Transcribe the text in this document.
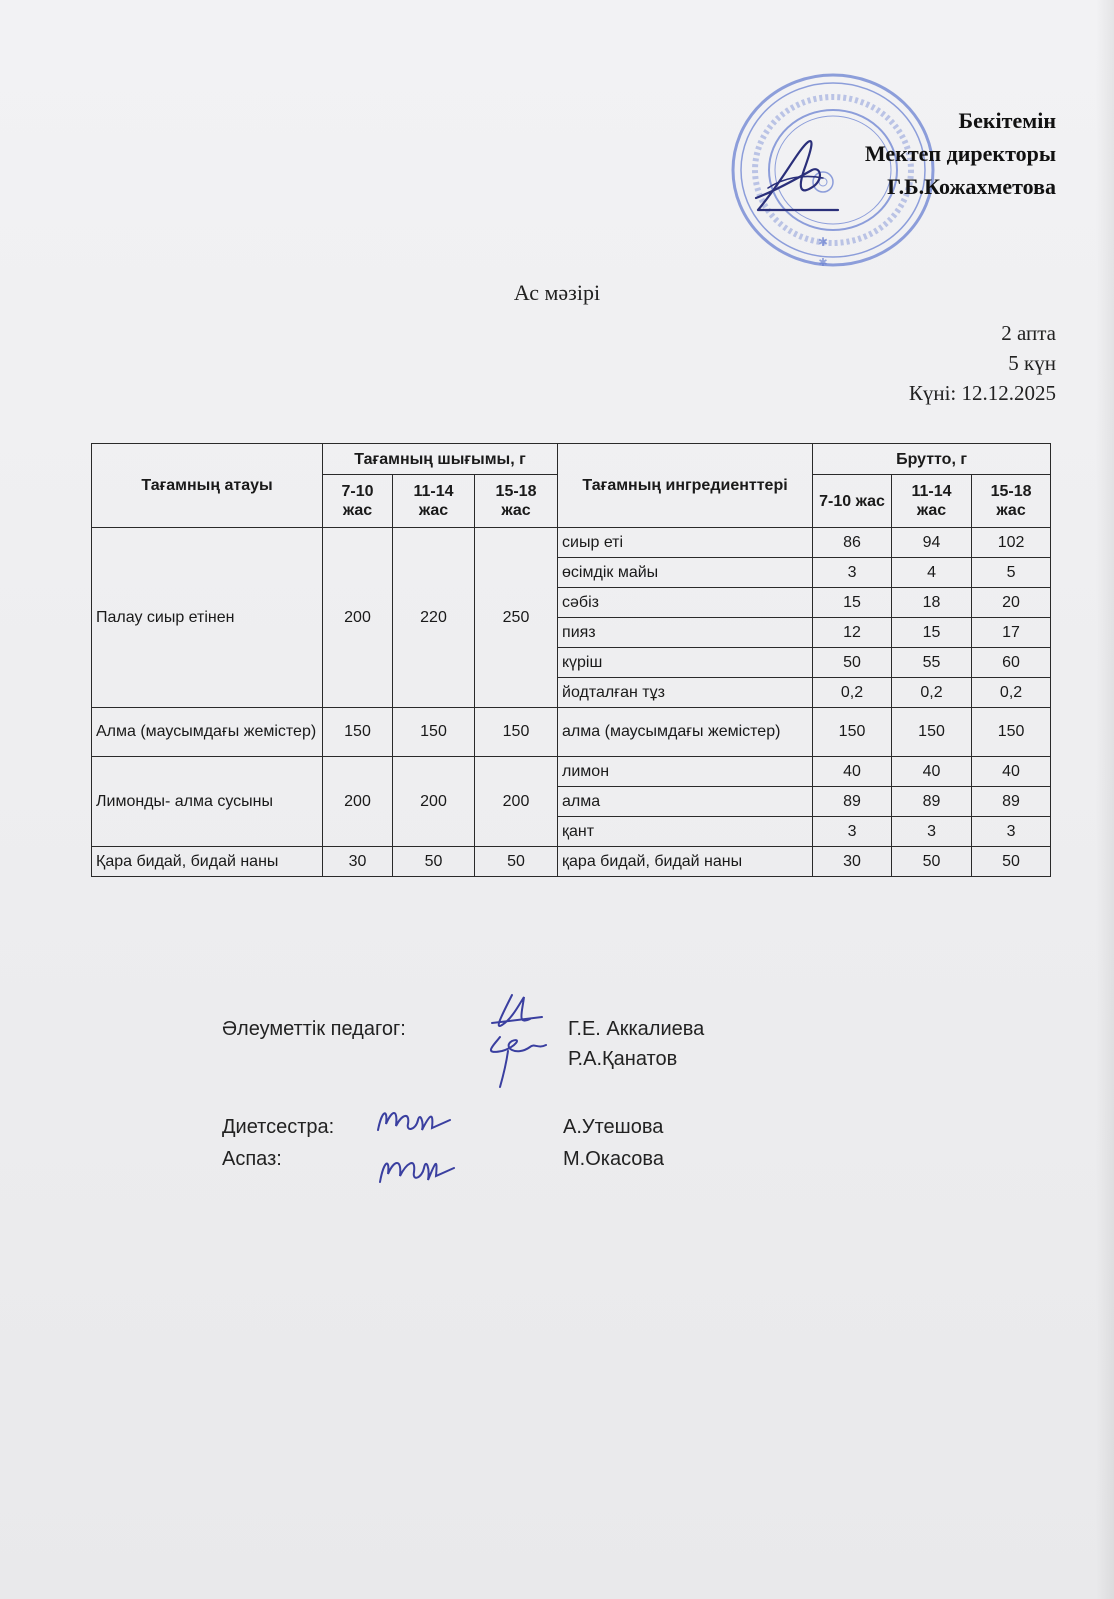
✱
✱
Бекітемін
Мектеп директоры
Г.Б.Кожахметова
Ас мәзірі
2 апта
5 күн
Күні: 12.12.2025
Тағамның атауы	Тағамның шығымы, г			Тағамның ингредиенттері	Брутто, г		
	7-10 жас	11-14 жас	15-18 жас		7-10 жас	11-14 жас	15-18 жас
Палау сиыр етінен	200	220	250	сиыр еті	86	94	102
				өсімдік майы	3	4	5
				сәбіз	15	18	20
				пияз	12	15	17
				күріш	50	55	60
				йодталған тұз	0,2	0,2	0,2
Алма (маусымдағы жемістер)	150	150	150	алма (маусымдағы жемістер)	150	150	150
Лимонды- алма сусыны	200	200	200	лимон	40	40	40
				алма	89	89	89
				қант	3	3	3
Қара бидай, бидай наны	30	50	50	қара бидай, бидай наны	30	50	50
Әлеуметтік педагог:	Г.Е. Аккалиева
Р.А.Қанатов
Диетсестра:	А.Утешова
Аспаз:	М.Окасова
